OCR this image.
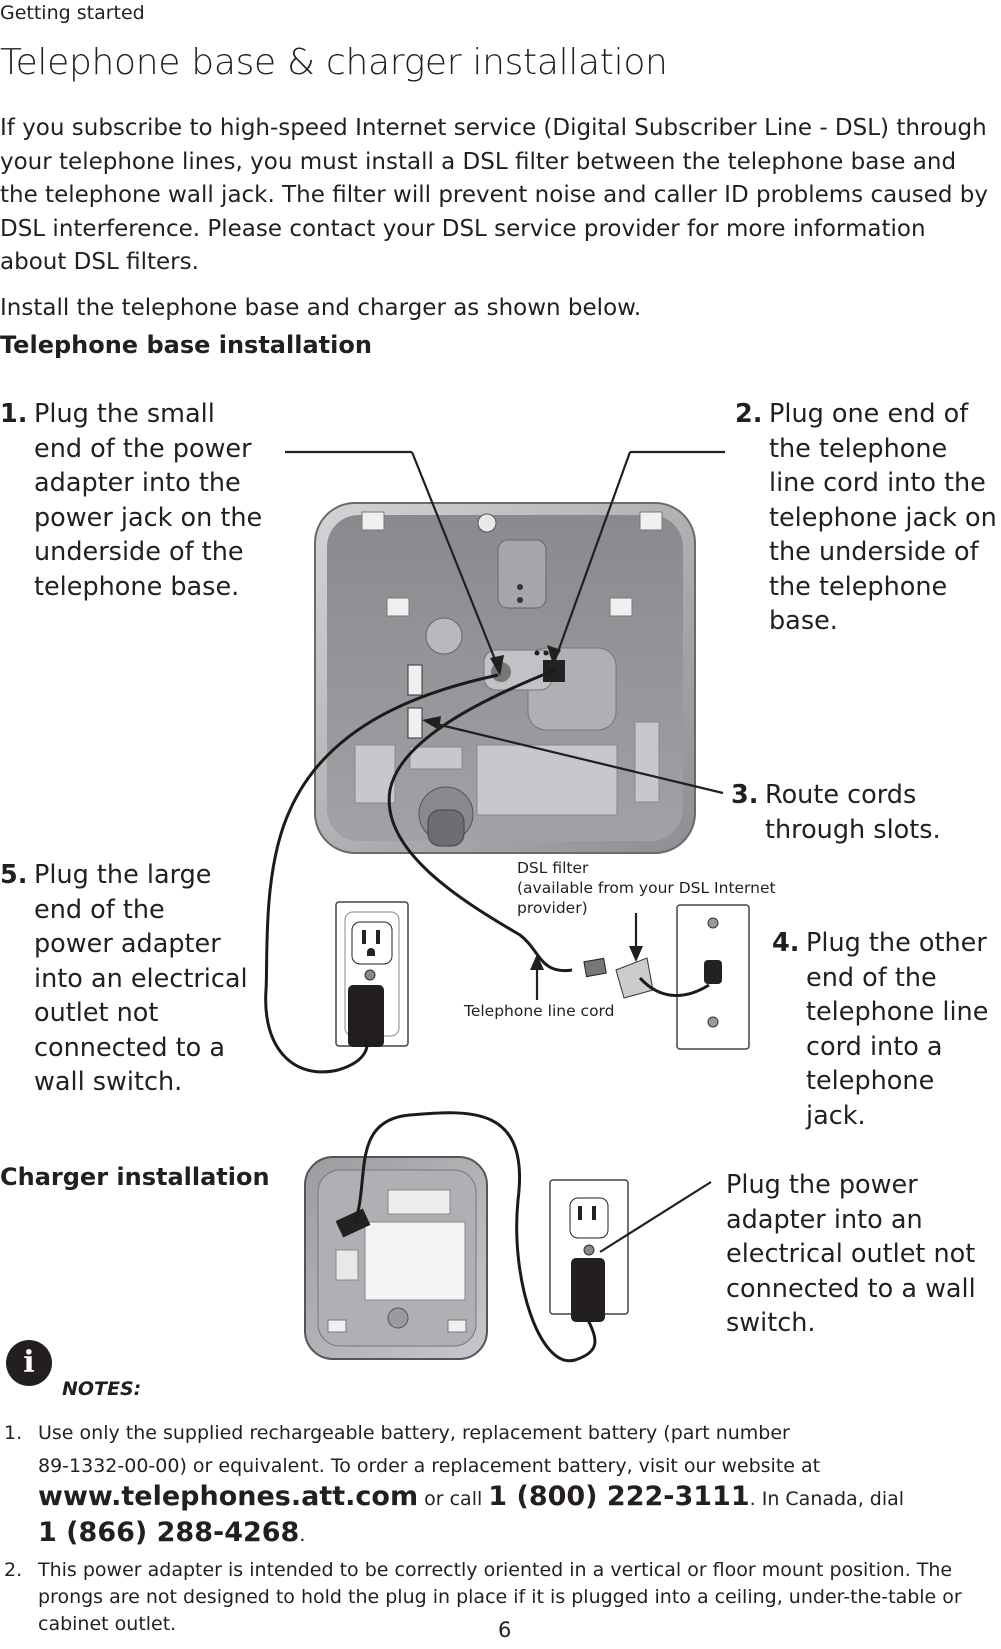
Getting started
Telephone base & charger installation

If you subscribe to high-speed Internet service (Digital Subscriber Line - DSL) through your telephone lines, you must install a DSL filter between the telephone base and the telephone wall jack. The filter will prevent noise and caller ID problems caused by DSL interference. Please contact your DSL service provider for more information about DSL filters.

Install the telephone base and charger as shown below.
Telephone base installation
1. Plug the small end of the power adapter into the power jack on the underside of the telephone base.
2. Plug one end of the telephone line cord into the telephone jack on the underside of the telephone base.
3. Route cords through slots.
4. Plug the other end of the telephone line cord into a telephone jack.
5. Plug the large end of the power adapter into an electrical outlet not connected to a wall switch.
DSL filter
(available from your DSL Internet provider)
Telephone line cord
Charger installation	Plug the power adapter into an electrical outlet not connected to a wall switch.
i
NOTES:
1. Use only the supplied rechargeable battery, replacement battery (part number
89-1332-00-00) or equivalent. To order a replacement battery, visit our website at
www.telephones.att.com or call 1 (800) 222-3111. In Canada, dial
1 (866) 288-4268.
2. This power adapter is intended to be correctly oriented in a vertical or floor mount position. The prongs are not designed to hold the plug in place if it is plugged into a ceiling, under-the-table or cabinet outlet.	6
